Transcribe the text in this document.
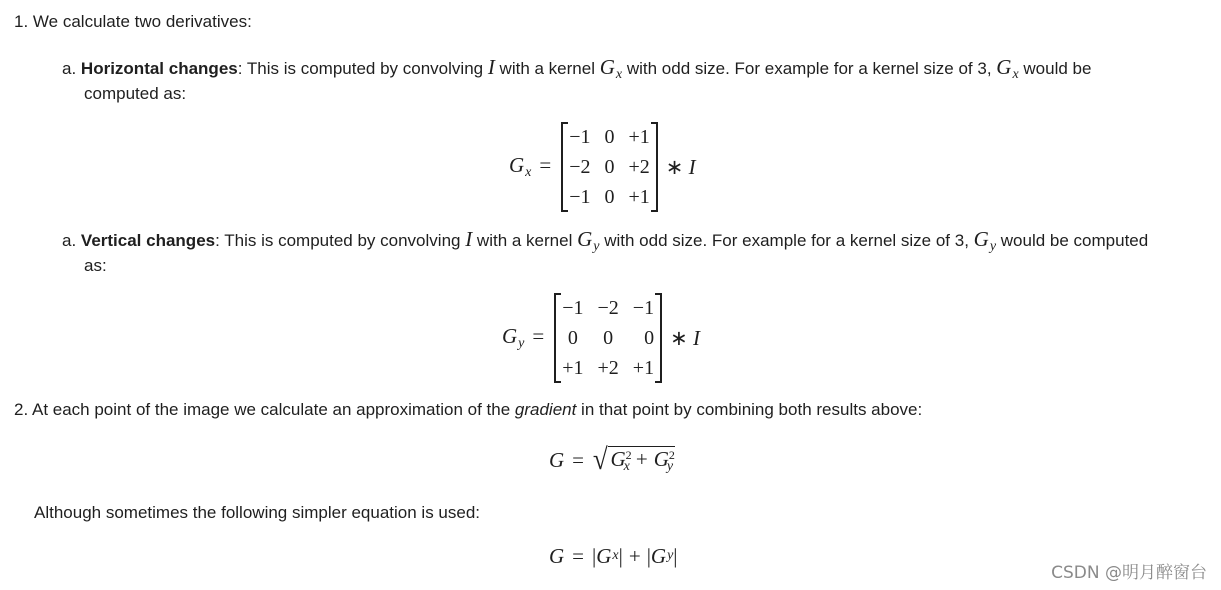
1. We calculate two derivatives:
a. Horizontal changes: This is computed by convolving I with a kernel $G_x$ with odd size. For example for a kernel size of 3, $G_x$ would be
computed as:
$G_x$ =
−1 0 +1
−2 0 +2
−1 0 +1
∗ I
a. Vertical changes: This is computed by convolving I with a kernel $G_y$ with odd size. For example for a kernel size of 3, $G_y$ would be computed
as:
$G_y$ =
−1 −2 −1
0 0	0
+1 +2 +1
∗ I
2. At each point of the image we calculate an approximation of the gradient in that point by combining both results above:
G = √ $G^2_x + G^2_y$
Although sometimes the following simpler equation is used:
G = | G x | + | G y |
CSDN @明月醉窗台
